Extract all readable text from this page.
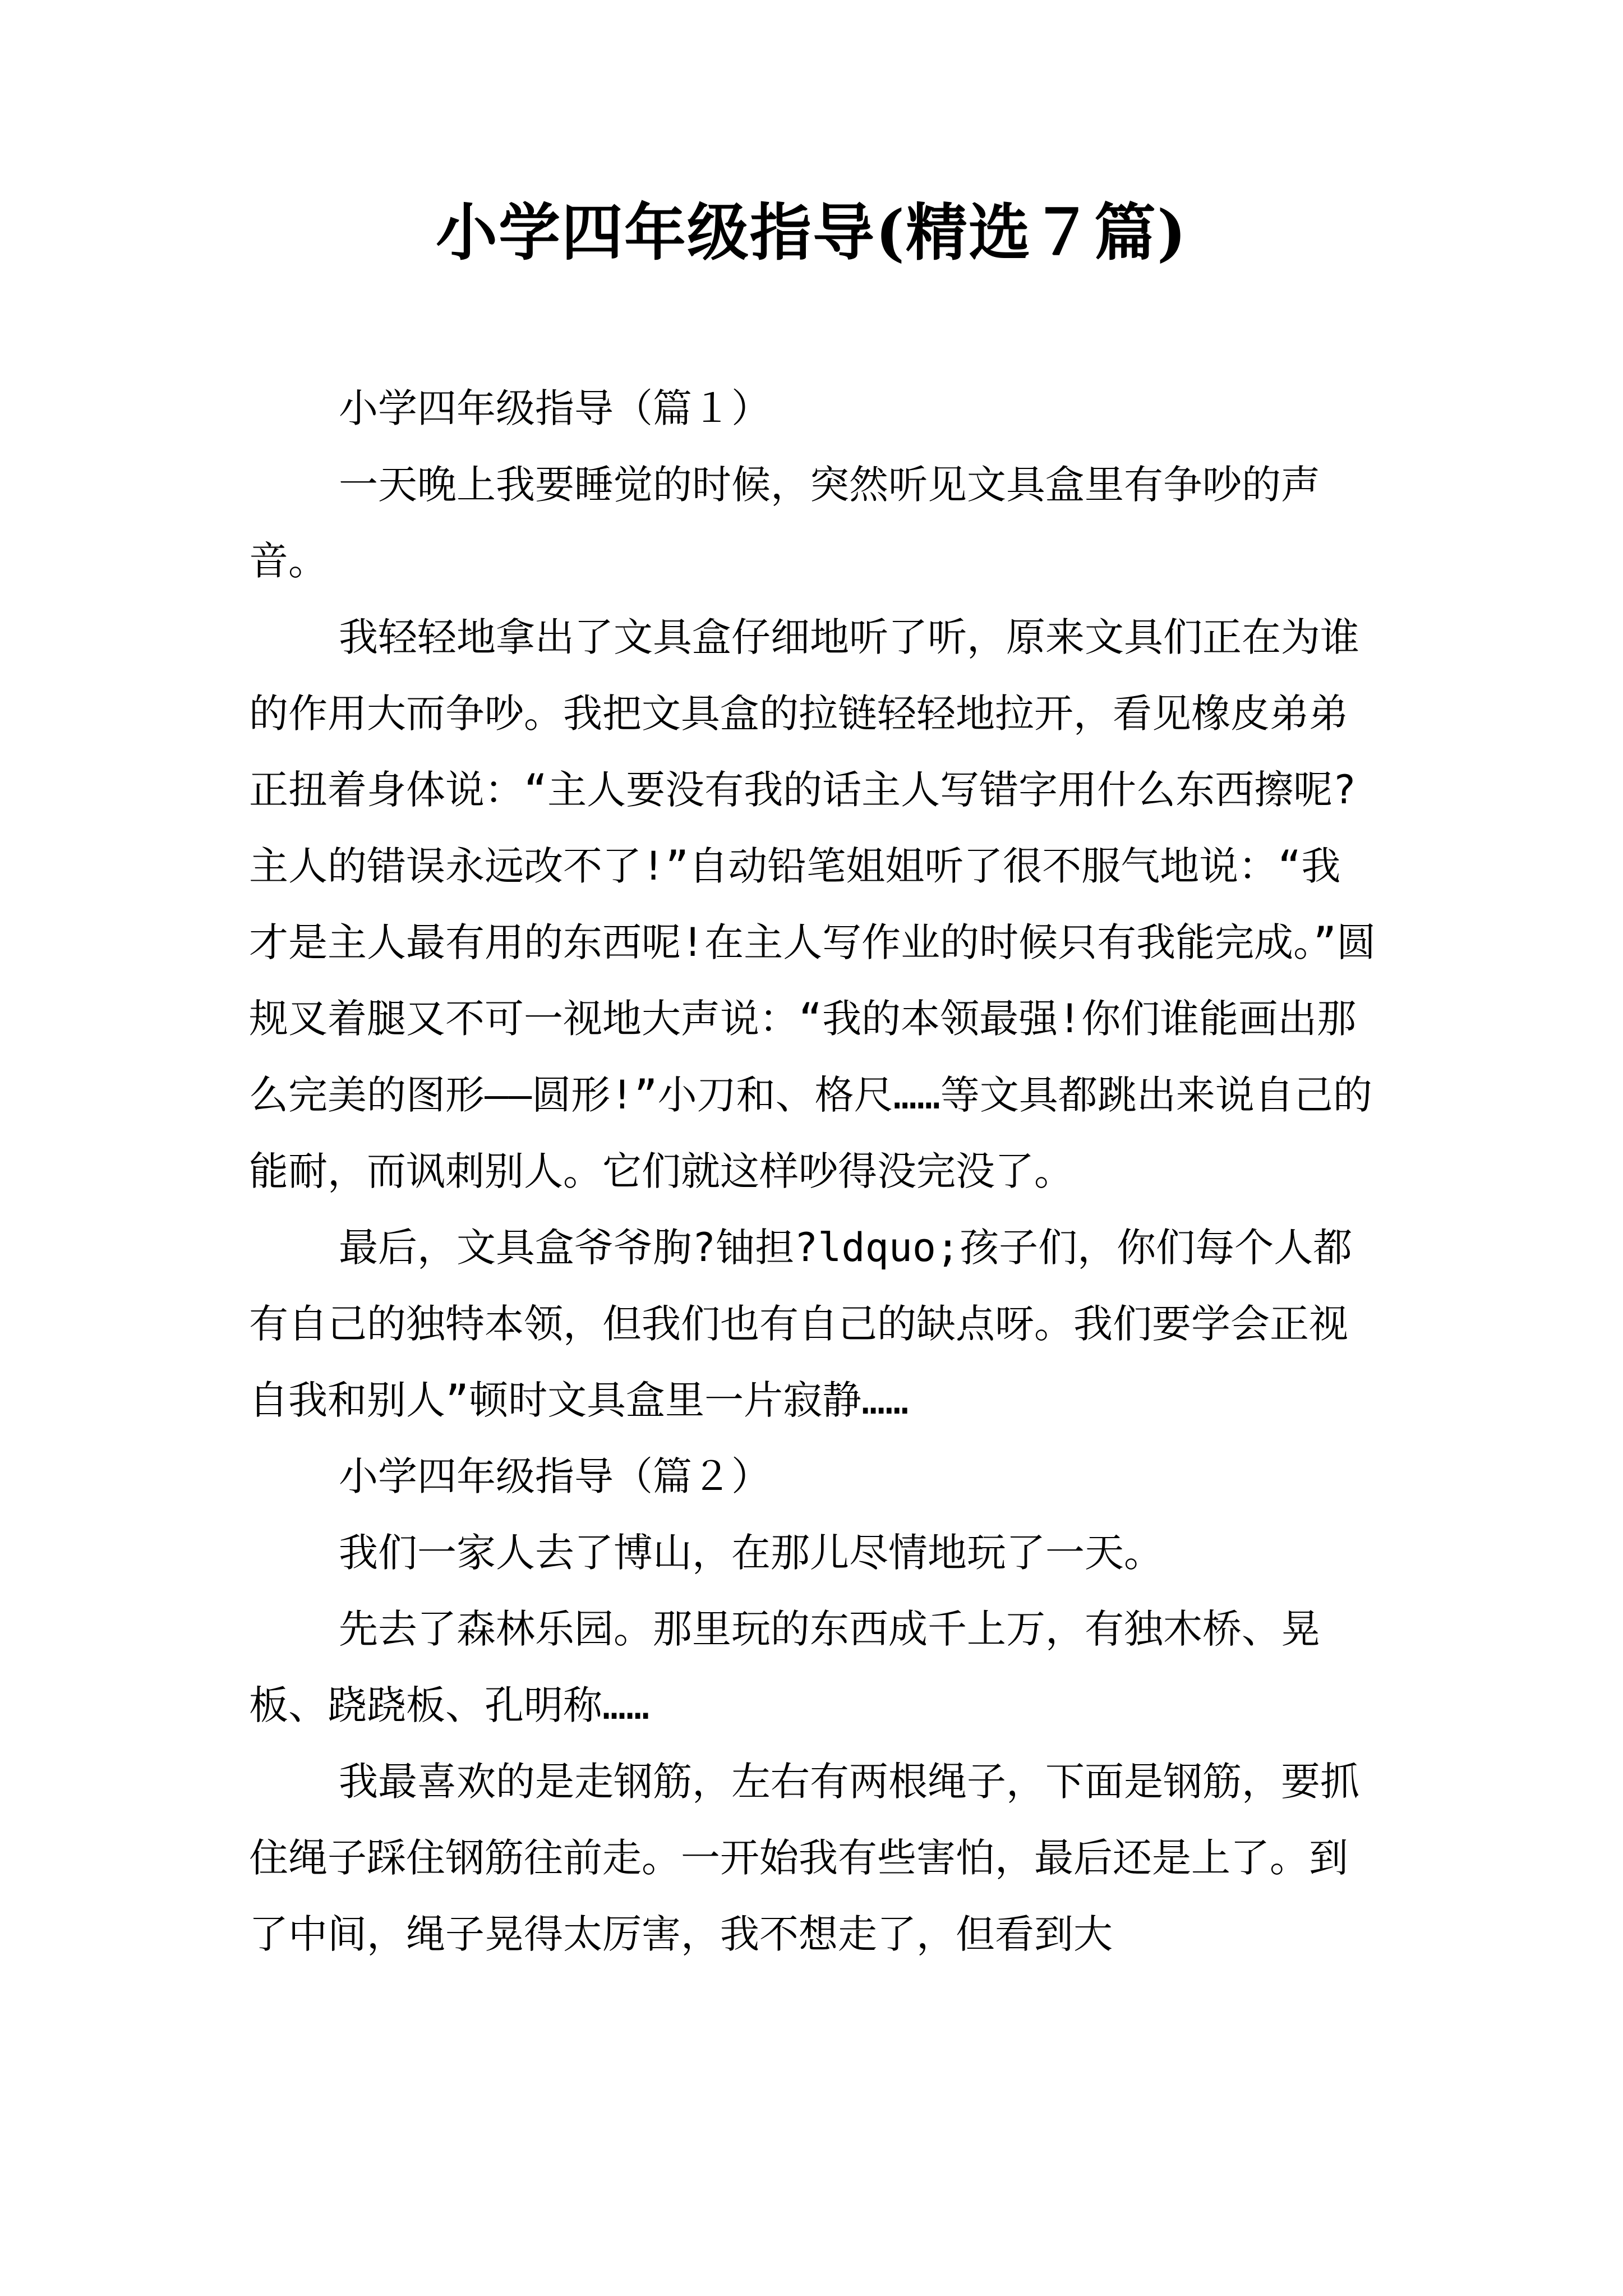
小学四年级指导(精选７篇)

小学四年级指导（篇１）

一天晚上我要睡觉的时候，突然听见文具盒里有争吵的声音。

我轻轻地拿出了文具盒仔细地听了听，原来文具们正在为谁的作用大而争吵。我把文具盒的拉链轻轻地拉开，看见橡皮弟弟正扭着身体说：“主人要没有我的话主人写错字用什么东西擦呢?主人的错误永远改不了!”自动铅笔姐姐听了很不服气地说：“我才是主人最有用的东西呢!在主人写作业的时候只有我能完成。”圆规叉着腿又不可一视地大声说：“我的本领最强!你们谁能画出那么完美的图形——圆形!”小刀和、格尺……等文具都跳出来说自己的能耐，而讽刺别人。它们就这样吵得没完没了。

最后，文具盒爷爷朐?铀担?ldquo;孩子们，你们每个人都有自己的独特本领，但我们也有自己的缺点呀。我们要学会正视自我和别人”顿时文具盒里一片寂静……

小学四年级指导（篇２）

我们一家人去了博山，在那儿尽情地玩了一天。

先去了森林乐园。那里玩的东西成千上万，有独木桥、晃板、跷跷板、孔明称……

我最喜欢的是走钢筋，左右有两根绳子，下面是钢筋，要抓住绳子踩住钢筋往前走。一开始我有些害怕，最后还是上了。到了中间，绳子晃得太厉害，我不想走了，但看到大
